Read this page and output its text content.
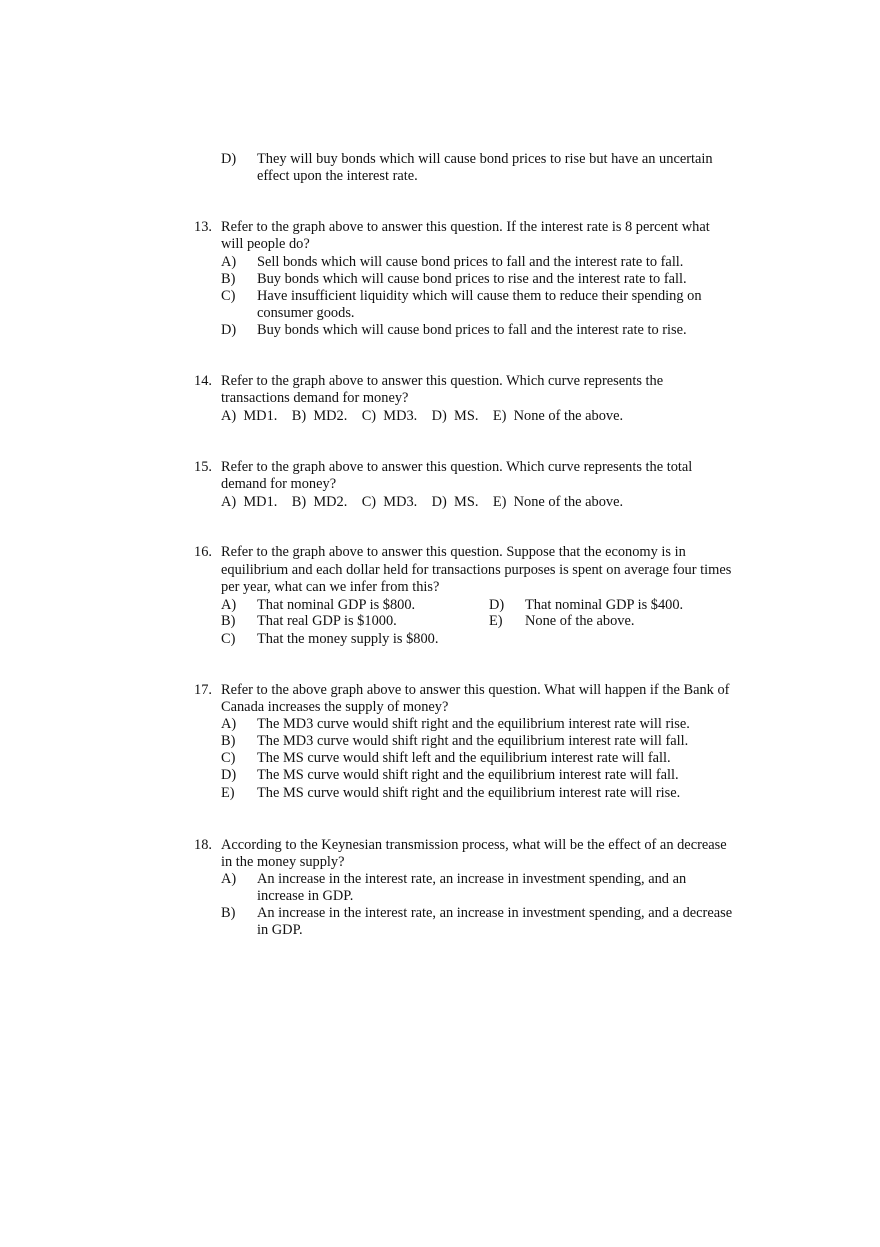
D) They will buy bonds which will cause bond prices to rise but have an uncertain
effect upon the interest rate.
13. Refer to the graph above to answer this question. If the interest rate is 8 percent what
will people do?
A) Sell bonds which will cause bond prices to fall and the interest rate to fall.
B) Buy bonds which will cause bond prices to rise and the interest rate to fall.
C) Have insufficient liquidity which will cause them to reduce their spending on
consumer goods.
D) Buy bonds which will cause bond prices to fall and the interest rate to rise.
14. Refer to the graph above to answer this question. Which curve represents the
transactions demand for money?
A)  MD1.    B)  MD2.    C)  MD3.    D)  MS.    E)  None of the above.
15. Refer to the graph above to answer this question. Which curve represents the total
demand for money?
A)  MD1.    B)  MD2.    C)  MD3.    D)  MS.    E)  None of the above.
16. Refer to the graph above to answer this question. Suppose that the economy is in
equilibrium and each dollar held for transactions purposes is spent on average four times
per year, what can we infer from this?
A) That nominal GDP is $800.	D) That nominal GDP is $400.
B) That real GDP is $1000.	E) None of the above.
C) That the money supply is $800.
17. Refer to the above graph above to answer this question. What will happen if the Bank of
Canada increases the supply of money?
A) The MD3 curve would shift right and the equilibrium interest rate will rise.
B) The MD3 curve would shift right and the equilibrium interest rate will fall.
C) The MS curve would shift left and the equilibrium interest rate will fall.
D) The MS curve would shift right and the equilibrium interest rate will fall.
E) The MS curve would shift right and the equilibrium interest rate will rise.
18. According to the Keynesian transmission process, what will be the effect of an decrease
in the money supply?
A) An increase in the interest rate, an increase in investment spending, and an
increase in GDP.
B) An increase in the interest rate, an increase in investment spending, and a decrease
in GDP.
